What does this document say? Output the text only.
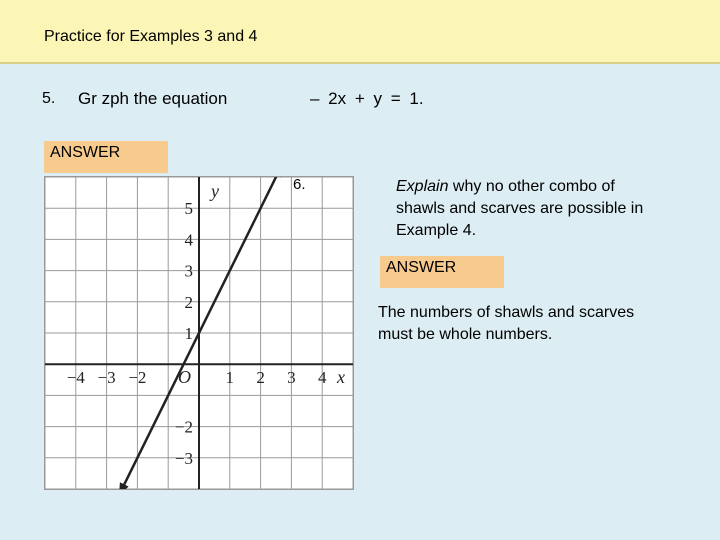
Practice for Examples 3 and 4
5. Gr zph the equation	– 2x + y = 1.
ANSWER
−4 −3 −2	1 2 3 4
5
4
3
2
1
−2
−3
O	x
y	6.	Explain why no other combo of shawls and scarves are possible in Example 4.
ANSWER
The numbers of shawls and scarves must be whole numbers.
